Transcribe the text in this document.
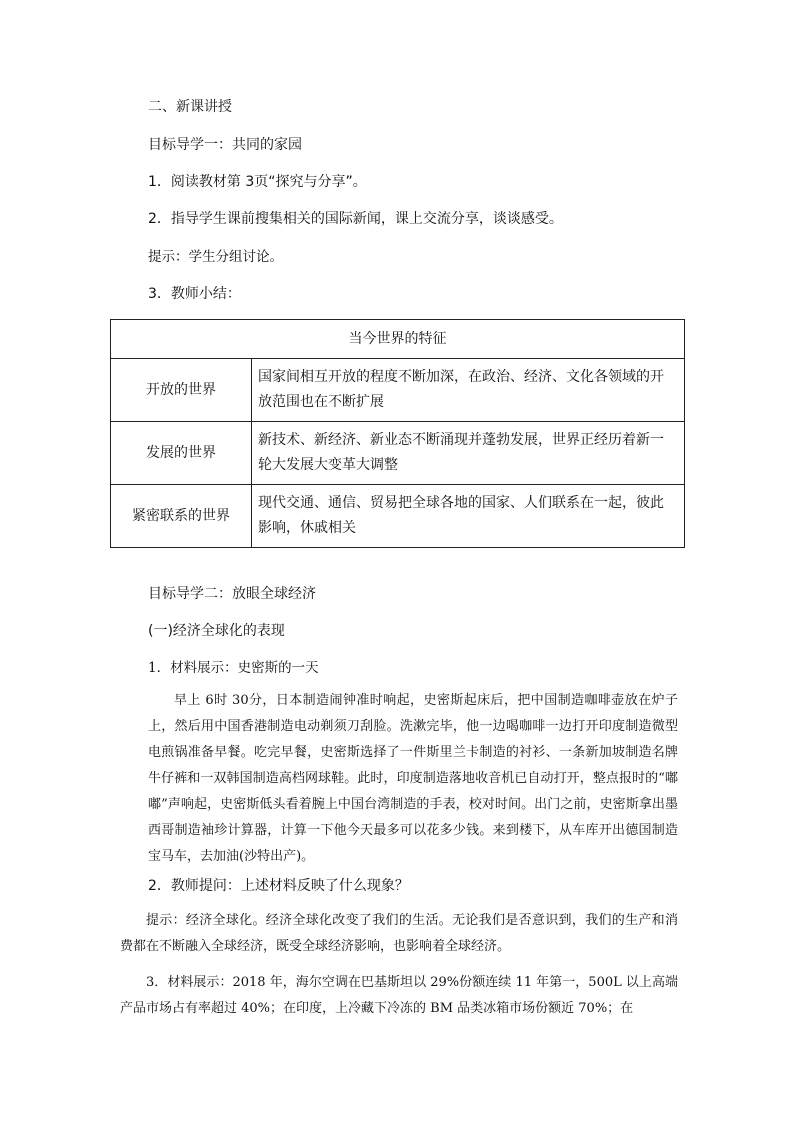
二、新课讲授
目标导学一：共同的家园
1．阅读教材第 3页“探究与分享”。
2．指导学生课前搜集相关的国际新闻，课上交流分享，谈谈感受。
提示：学生分组讨论。
3．教师小结：
当今世界的特征	
开放的世界	国家间相互开放的程度不断加深，在政治、经济、文化各领域的开放范围也在不断扩展
发展的世界	新技术、新经济、新业态不断涌现并蓬勃发展，世界正经历着新一轮大发展大变革大调整
紧密联系的世界	现代交通、通信、贸易把全球各地的国家、人们联系在一起，彼此影响，休戚相关
目标导学二：放眼全球经济
(一)经济全球化的表现
1．材料展示：史密斯的一天
早上 6时 30分，日本制造闹钟准时响起，史密斯起床后，把中国制造咖啡壶放在炉子上，然后用中国香港制造电动剃须刀刮脸。洗漱完毕，他一边喝咖啡一边打开印度制造微型电煎锅准备早餐。吃完早餐，史密斯选择了一件斯里兰卡制造的衬衫、一条新加坡制造名牌牛仔裤和一双韩国制造高档网球鞋。此时，印度制造落地收音机已自动打开，整点报时的“嘟嘟”声响起，史密斯低头看着腕上中国台湾制造的手表，校对时间。出门之前，史密斯拿出墨西哥制造袖珍计算器，计算一下他今天最多可以花多少钱。来到楼下，从车库开出德国制造宝马车，去加油(沙特出产)。
2．教师提问：上述材料反映了什么现象？
提示：经济全球化。经济全球化改变了我们的生活。无论我们是否意识到，我们的生产和消费都在不断融入全球经济，既受全球经济影响，也影响着全球经济。
3．材料展示：2018 年，海尔空调在巴基斯坦以 29%份额连续 11 年第一，500L 以上高端产品市场占有率超过 40%；在印度，上冷藏下冷冻的 BM 品类冰箱市场份额近 70%；在
